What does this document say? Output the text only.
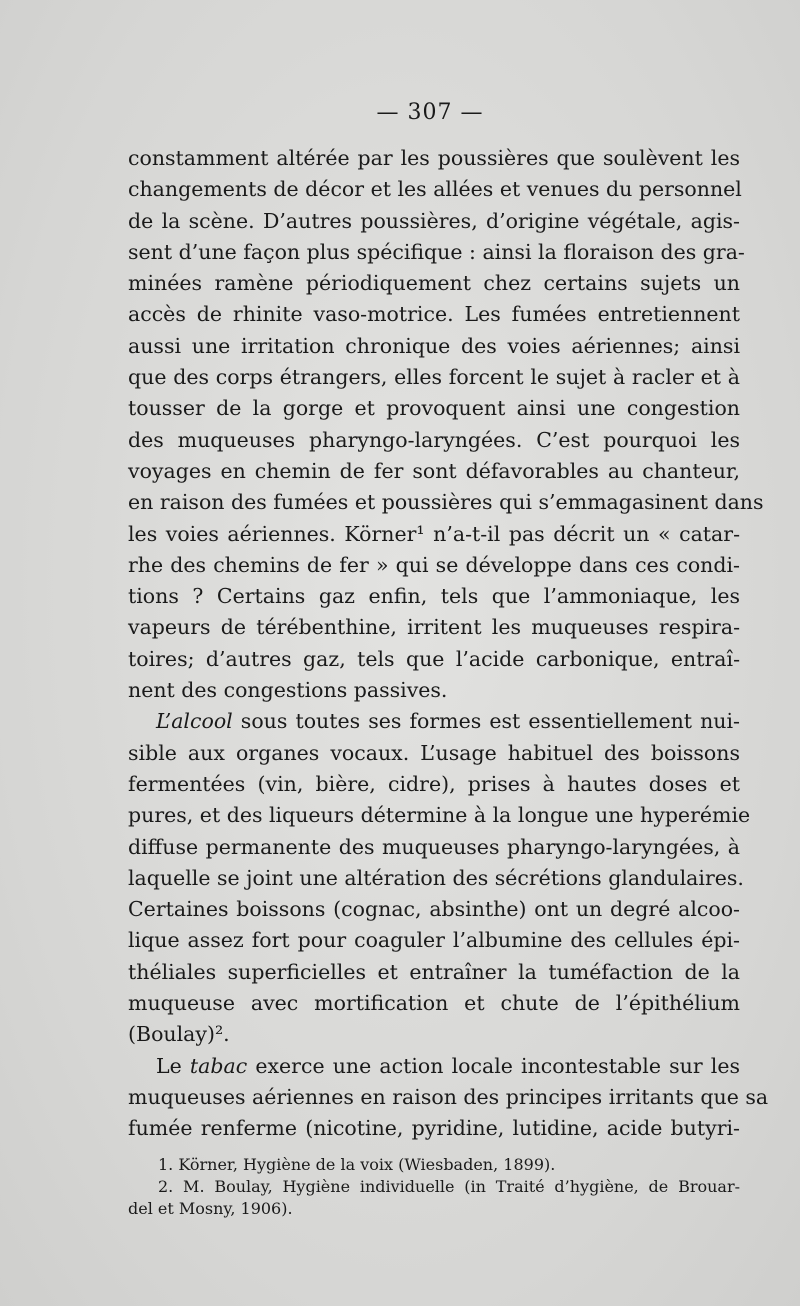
— 307 —
constamment altérée par les poussières que soulèvent les
changements de décor et les allées et venues du personnel
de la scène. D’autres poussières, d’origine végétale, agis-
sent d’une façon plus spécifique : ainsi la floraison des gra-
minées ramène périodiquement chez certains sujets un
accès de rhinite vaso-motrice. Les fumées entretiennent
aussi une irritation chronique des voies aériennes; ainsi
que des corps étrangers, elles forcent le sujet à racler et à
tousser de la gorge et provoquent ainsi une congestion
des muqueuses pharyngo-laryngées. C’est pourquoi les
voyages en chemin de fer sont défavorables au chanteur,
en raison des fumées et poussières qui s’emmagasinent dans
les voies aériennes. Körner¹ n’a-t-il pas décrit un « catar-
rhe des chemins de fer » qui se développe dans ces condi-
tions ? Certains gaz enfin, tels que l’ammoniaque, les
vapeurs de térébenthine, irritent les muqueuses respira-
toires; d’autres gaz, tels que l’acide carbonique, entraî-
nent des congestions passives.
L’alcool sous toutes ses formes est essentiellement nui-
sible aux organes vocaux. L’usage habituel des boissons
fermentées (vin, bière, cidre), prises à hautes doses et
pures, et des liqueurs détermine à la longue une hyperémie
diffuse permanente des muqueuses pharyngo-laryngées, à
laquelle se joint une altération des sécrétions glandulaires.
Certaines boissons (cognac, absinthe) ont un degré alcoo-
lique assez fort pour coaguler l’albumine des cellules épi-
théliales superficielles et entraîner la tuméfaction de la
muqueuse avec mortification et chute de l’épithélium
(Boulay)².
Le tabac exerce une action locale incontestable sur les
muqueuses aériennes en raison des principes irritants que sa
fumée renferme (nicotine, pyridine, lutidine, acide butyri-
1. Körner, Hygiène de la voix (Wiesbaden, 1899).
2. M. Boulay, Hygiène individuelle (in Traité d’hygiène, de Brouar-
del et Mosny, 1906).
